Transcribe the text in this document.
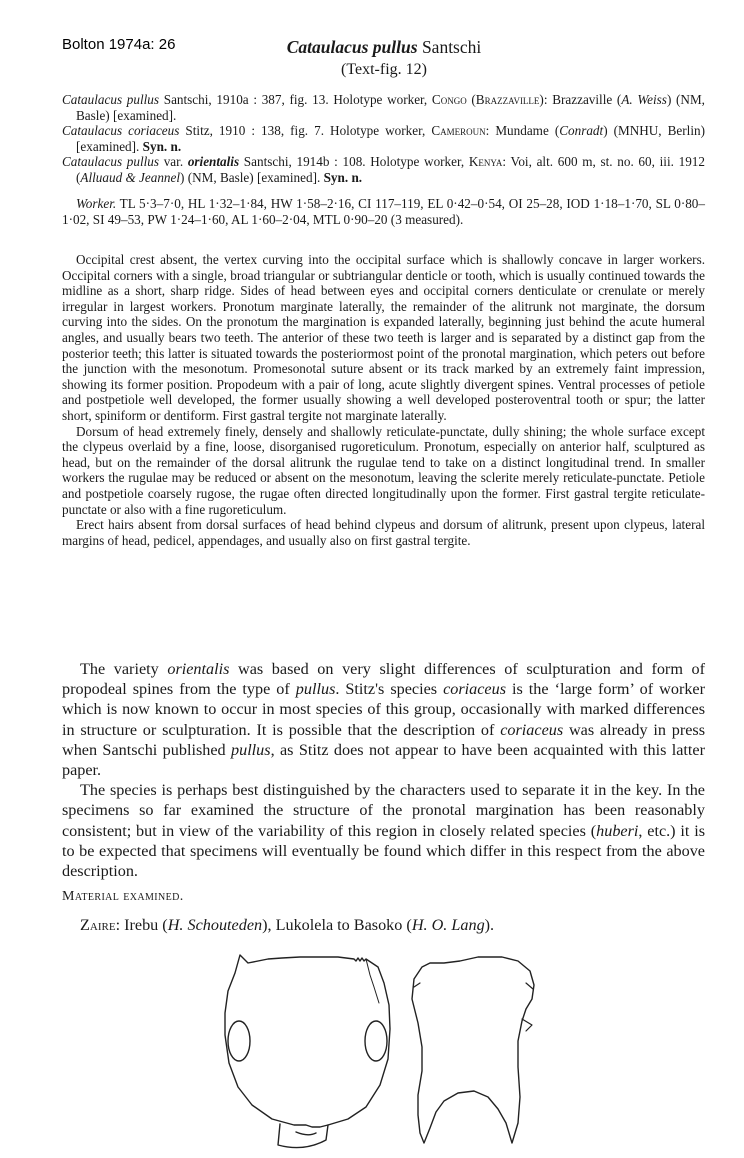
Bolton 1974a: 26	Cataulacus pullus Santschi
(Text-fig. 12)

Cataulacus pullus Santschi, 1910a : 387, fig. 13. Holotype worker, Congo (Brazzaville): Brazzaville (A. Weiss) (NM, Basle) [examined].

Cataulacus coriaceus Stitz, 1910 : 138, fig. 7. Holotype worker, Cameroun: Mundame (Conradt) (MNHU, Berlin) [examined]. Syn. n.

Cataulacus pullus var. orientalis Santschi, 1914b : 108. Holotype worker, Kenya: Voi, alt. 600 m, st. no. 60, iii. 1912 (Alluaud & Jeannel) (NM, Basle) [examined]. Syn. n.

Worker. TL 5·3–7·0, HL 1·32–1·84, HW 1·58–2·16, CI 117–119, EL 0·42–0·54, OI 25–28, IOD 1·18–1·70, SL 0·80–1·02, SI 49–53, PW 1·24–1·60, AL 1·60–2·04, MTL 0·90–20 (3 measured).

Occipital crest absent, the vertex curving into the occipital surface which is shallowly concave in larger workers. Occipital corners with a single, broad triangular or subtriangular denticle or tooth, which is usually continued towards the midline as a short, sharp ridge. Sides of head between eyes and occipital corners denticulate or crenulate or merely irregular in largest workers. Pronotum marginate laterally, the remainder of the alitrunk not marginate, the dorsum curving into the sides. On the pronotum the margination is expanded laterally, beginning just behind the acute humeral angles, and usually bears two teeth. The anterior of these two teeth is larger and is separated by a distinct gap from the posterior teeth; this latter is situated towards the posteriormost point of the pronotal margination, which peters out before the junction with the mesonotum. Promesonotal suture absent or its track marked by an extremely faint impression, showing its former position. Propodeum with a pair of long, acute slightly divergent spines. Ventral processes of petiole and postpetiole well developed, the former usually showing a well developed posteroventral tooth or spur; the latter short, spiniform or dentiform. First gastral tergite not marginate laterally.

Dorsum of head extremely finely, densely and shallowly reticulate-punctate, dully shining; the whole surface except the clypeus overlaid by a fine, loose, disorganised rugoreticulum. Pronotum, especially on anterior half, sculptured as head, but on the remainder of the dorsal alitrunk the rugulae tend to take on a distinct longitudinal trend. In smaller workers the rugulae may be reduced or absent on the mesonotum, leaving the sclerite merely reticulate-punctate. Petiole and postpetiole coarsely rugose, the rugae often directed longitudinally upon the former. First gastral tergite reticulate-punctate or also with a fine rugoreticulum.

Erect hairs absent from dorsal surfaces of head behind clypeus and dorsum of alitrunk, present upon clypeus, lateral margins of head, pedicel, appendages, and usually also on first gastral tergite.

The variety orientalis was based on very slight differences of sculpturation and form of propodeal spines from the type of pullus. Stitz's species coriaceus is the ‘large form’ of worker which is now known to occur in most species of this group, occasionally with marked differences in structure or sculpturation. It is possible that the description of coriaceus was already in press when Santschi published pullus, as Stitz does not appear to have been acquainted with this latter paper.

The species is perhaps best distinguished by the characters used to separate it in the key. In the specimens so far examined the structure of the pronotal margination has been reasonably consistent; but in view of the variability of this region in closely related species (huberi, etc.) it is to be expected that specimens will eventually be found which differ in this respect from the above description.

Material examined.
Zaire: Irebu (H. Schouteden), Lukolela to Basoko (H. O. Lang).
